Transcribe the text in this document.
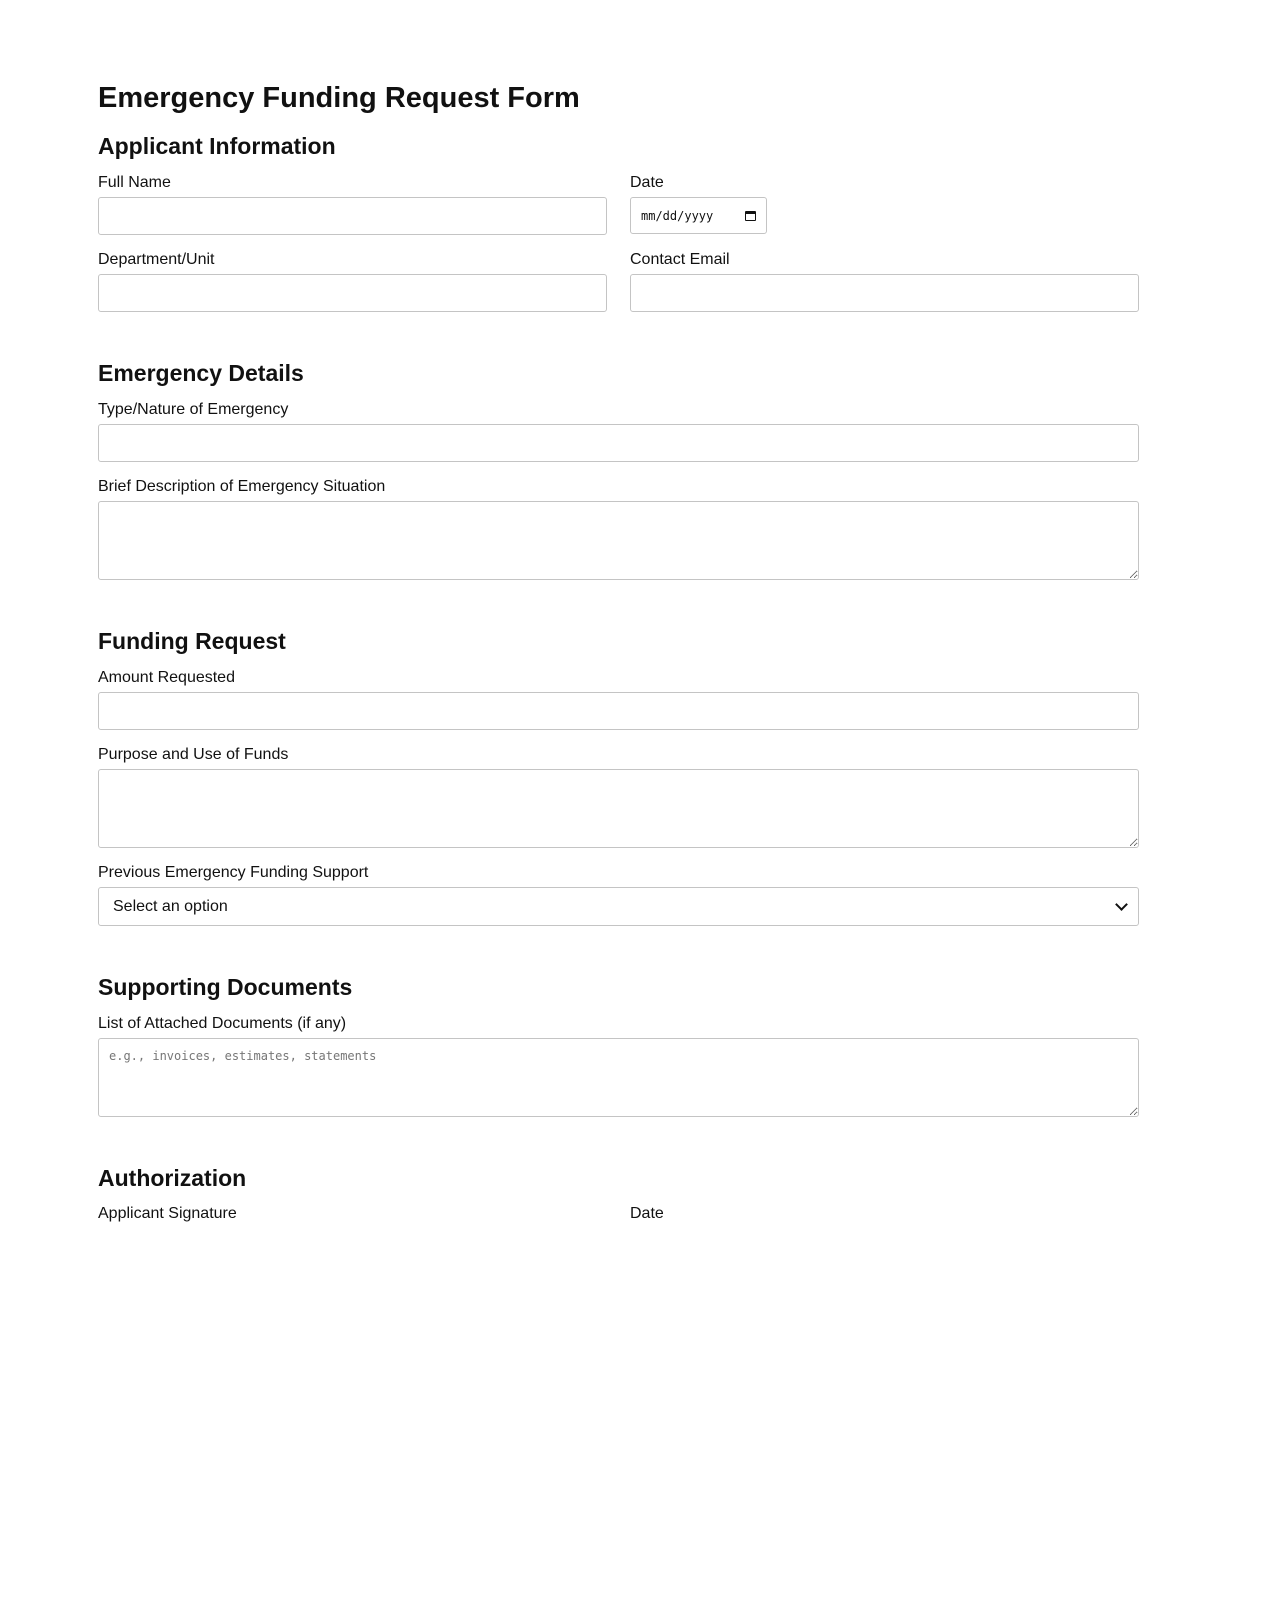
Emergency Funding Request Form
Applicant Information
Full Name	Date
mm/dd/yyyy
Department/Unit	Contact Email
Emergency Details
Type/Nature of Emergency
Brief Description of Emergency Situation
Funding Request
Amount Requested
Purpose and Use of Funds
Previous Emergency Funding Support
Select an option
Supporting Documents
List of Attached Documents (if any)
e.g., invoices, estimates, statements
Authorization
Applicant Signature	Date
